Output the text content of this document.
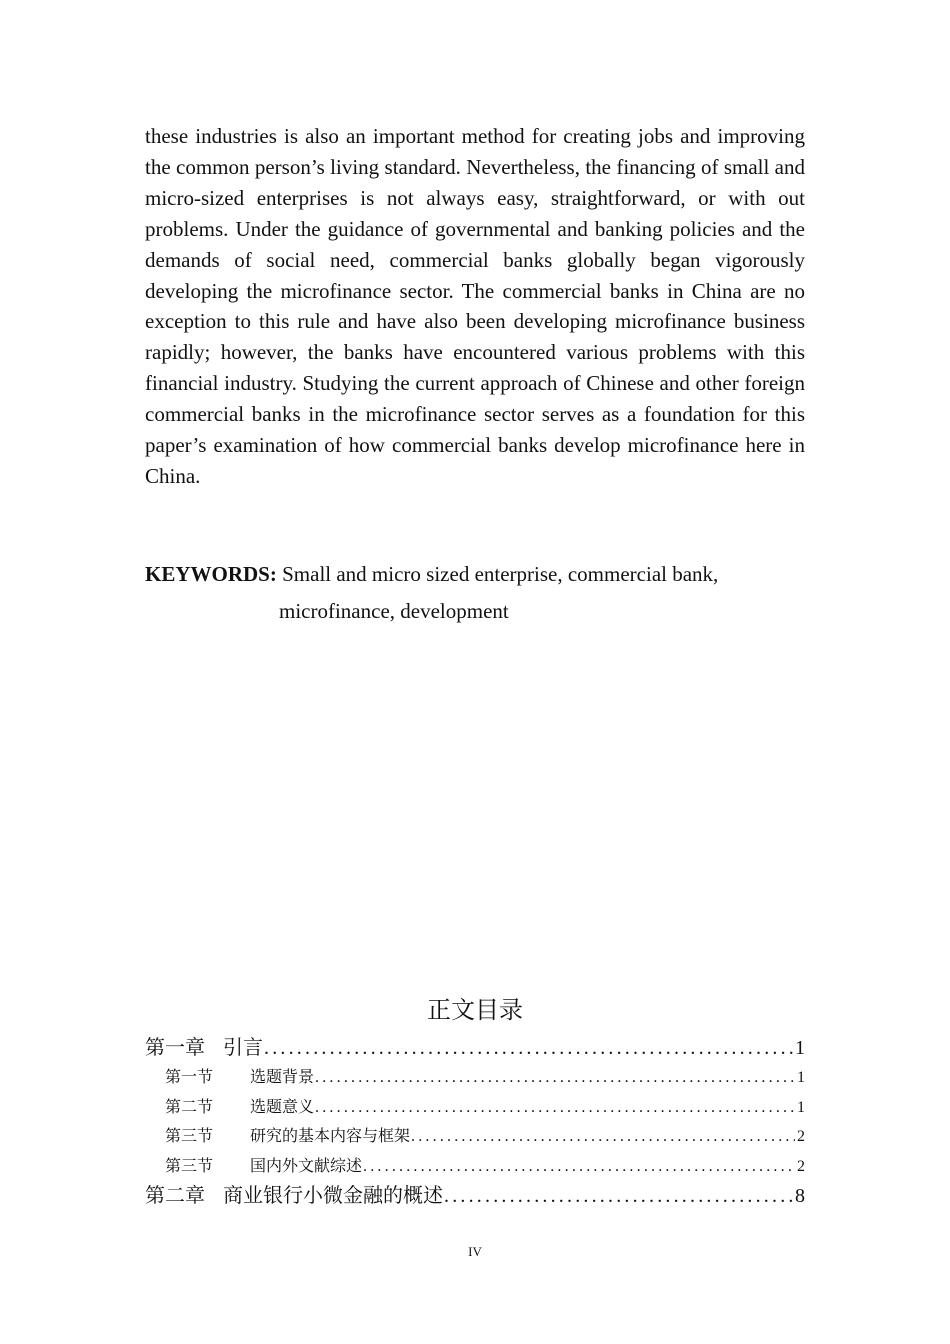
these industries is also an important method for creating jobs and improving the common person’s living standard. Nevertheless, the financing of small and micro-sized enterprises is not always easy, straightforward, or with out problems. Under the guidance of governmental and banking policies and the demands of social need, commercial banks globally began vigorously developing the microfinance sector. The commercial banks in China are no exception to this rule and have also been developing microfinance business rapidly; however, the banks have encountered various problems with this financial industry. Studying the current approach of Chinese and other foreign commercial banks in the microfinance sector serves as a foundation for this paper’s examination of how commercial banks develop microfinance here in China.

KEYWORDS: Small and micro sized enterprise, commercial bank,
microfinance, development
正文目录
第一章 引言 .....	1
第一节	选题背景 .....	1
第二节	选题意义 .....	1
第三节	研究的基本内容与框架 .....	2
第三节	国内外文献综述 .....	2
第二章 商业银行小微金融的概述 .....	8
IV
